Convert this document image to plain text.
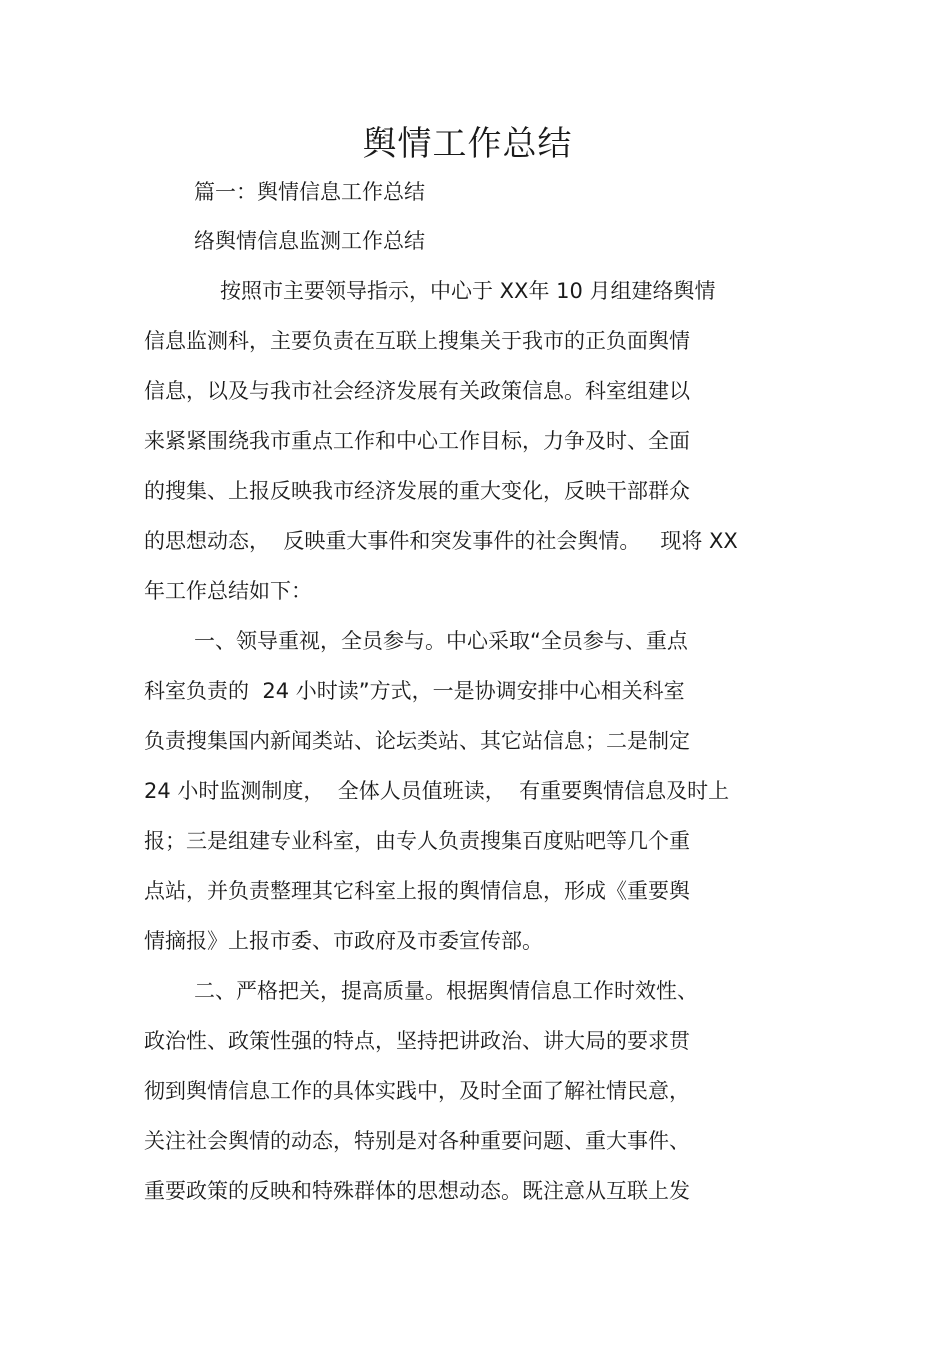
舆情工作总结
篇一：舆情信息工作总结
络舆情信息监测工作总结
按照市主要领导指示，中心于 XX年 10 月组建络舆情
信息监测科，主要负责在互联上搜集关于我市的正负面舆情
信息，以及与我市社会经济发展有关政策信息。科室组建以
来紧紧围绕我市重点工作和中心工作目标，力争及时、全面
的搜集、上报反映我市经济发展的重大变化，反映干部群众
的思想动态，  反映重大事件和突发事件的社会舆情。   现将 XX
年工作总结如下：
一、领导重视，全员参与。中心采取“全员参与、重点
科室负责的  24 小时读”方式，一是协调安排中心相关科室
负责搜集国内新闻类站、论坛类站、其它站信息；二是制定
24 小时监测制度，  全体人员值班读，  有重要舆情信息及时上
报；三是组建专业科室，由专人负责搜集百度贴吧等几个重
点站，并负责整理其它科室上报的舆情信息，形成《重要舆
情摘报》上报市委、市政府及市委宣传部。
二、严格把关，提高质量。根据舆情信息工作时效性、
政治性、政策性强的特点，坚持把讲政治、讲大局的要求贯
彻到舆情信息工作的具体实践中，及时全面了解社情民意，
关注社会舆情的动态，特别是对各种重要问题、重大事件、
重要政策的反映和特殊群体的思想动态。既注意从互联上发
